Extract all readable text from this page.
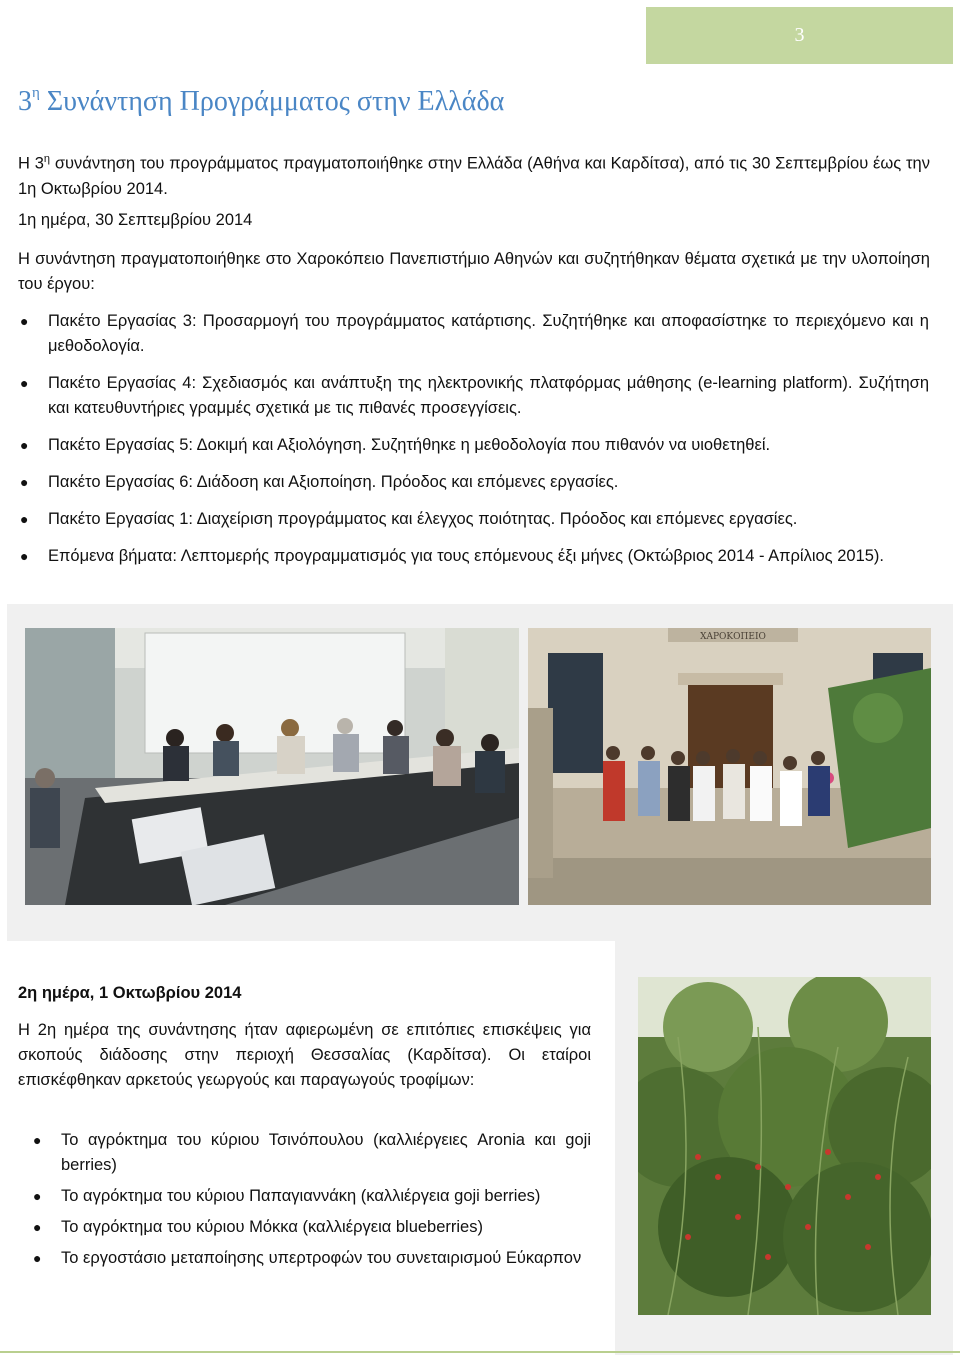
3
$3^\eta$ Συνάντηση Προγράμματος στην Ελλάδα

Η $3^\eta$ συνάντηση του προγράμματος πραγματοποιήθηκε στην Ελλάδα (Αθήνα και Καρδίτσα), από τις 30 Σεπτεμβρίου έως την 1η Οκτωβρίου 2014.

1η ημέρα, 30 Σεπτεμβρίου 2014

Η συνάντηση πραγματοποιήθηκε στο Χαροκόπειο Πανεπιστήμιο Αθηνών και συζητήθηκαν θέματα σχετικά με την υλοποίηση του έργου:

● Πακέτο Εργασίας 3: Προσαρμογή του προγράμματος κατάρτισης. Συζητήθηκε και αποφασίστηκε το περιεχόμενο και η μεθοδολογία.
● Πακέτο Εργασίας 4: Σχεδιασμός και ανάπτυξη της ηλεκτρονικής πλατφόρμας μάθησης (e-learning platform). Συζήτηση και κατευθυντήριες γραμμές σχετικά με τις πιθανές προσεγγίσεις.
● Πακέτο Εργασίας 5: Δοκιμή και Αξιολόγηση. Συζητήθηκε η μεθοδολογία που πιθανόν να υιοθετηθεί.
● Πακέτο Εργασίας 6: Διάδοση και Αξιοποίηση. Πρόοδος και επόμενες εργασίες.
● Πακέτο Εργασίας 1: Διαχείριση προγράμματος και έλεγχος ποιότητας. Πρόοδος και επόμενες εργασίες.
● Επόμενα βήματα: Λεπτομερής προγραμματισμός για τους επόμενους έξι μήνες (Οκτώβριος 2014 - Απρίλιος 2015).
ΧΑΡΟΚΟΠΕΙΟ

2η ημέρα, 1 Οκτωβρίου 2014

Η 2η ημέρα της συνάντησης ήταν αφιερωμένη σε επιτόπιες επισκέψεις για σκοπούς διάδοσης στην περιοχή Θεσσαλίας (Καρδίτσα). Οι εταίροι επισκέφθηκαν αρκετούς γεωργούς και παραγωγούς τροφίμων:

● Το αγρόκτημα του κύριου Τσινόπουλου (καλλιέργειες Aronia και goji berries)
● Το αγρόκτημα του κύριου Παπαγιαννάκη (καλλιέργεια goji berries)
● Το αγρόκτημα του κύριου Μόκκα (καλλιέργεια blueberries)
● Το εργοστάσιο μεταποίησης υπερτροφών του συνεταιρισμού Εύκαρπον
